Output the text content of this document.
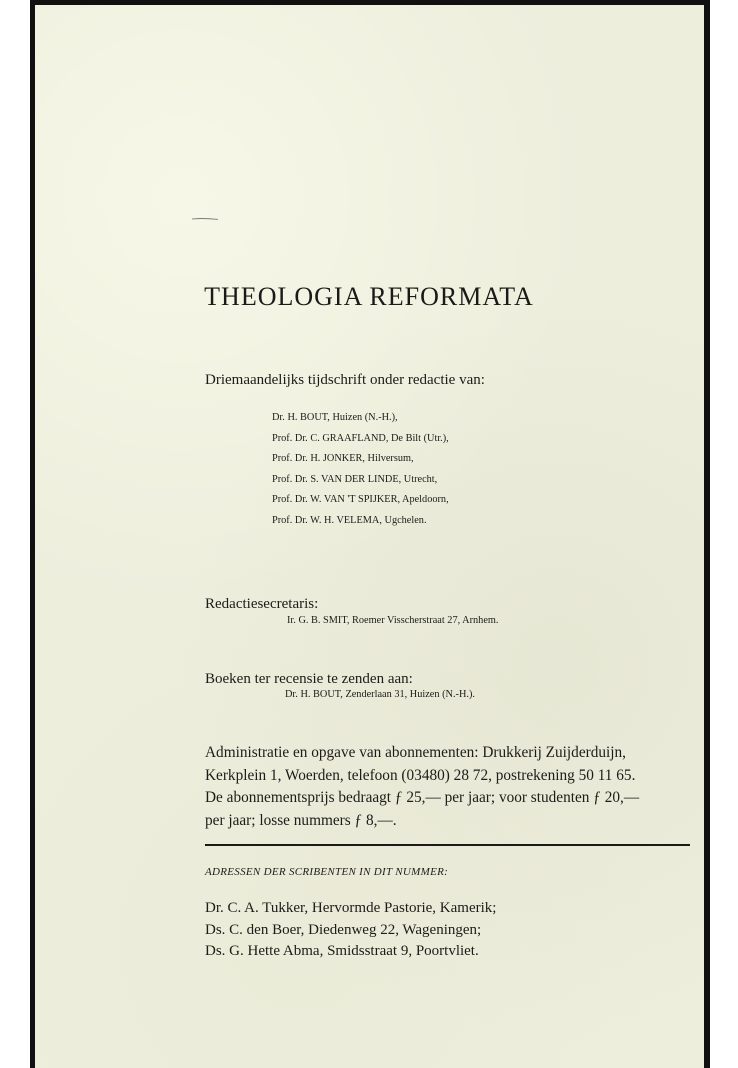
THEOLOGIA REFORMATA
Driemaandelijks tijdschrift onder redactie van:
Dr. H. BOUT, Huizen (N.-H.),
Prof. Dr. C. GRAAFLAND, De Bilt (Utr.),
Prof. Dr. H. JONKER, Hilversum,
Prof. Dr. S. VAN DER LINDE, Utrecht,
Prof. Dr. W. VAN 'T SPIJKER, Apeldoorn,
Prof. Dr. W. H. VELEMA, Ugchelen.
Redactiesecretaris:
Ir. G. B. SMIT, Roemer Visscherstraat 27, Arnhem.
Boeken ter recensie te zenden aan:
Dr. H. BOUT, Zenderlaan 31, Huizen (N.-H.).
Administratie en opgave van abonnementen: Drukkerij Zuijderduijn,
Kerkplein 1, Woerden, telefoon (03480) 28 72, postrekening 50 11 65.
De abonnementsprijs bedraagt ƒ 25,— per jaar; voor studenten ƒ 20,—
per jaar; losse nummers ƒ 8,—.
ADRESSEN DER SCRIBENTEN IN DIT NUMMER:
Dr. C. A. Tukker, Hervormde Pastorie, Kamerik;
Ds. C. den Boer, Diedenweg 22, Wageningen;
Ds. G. Hette Abma, Smidsstraat 9, Poortvliet.
